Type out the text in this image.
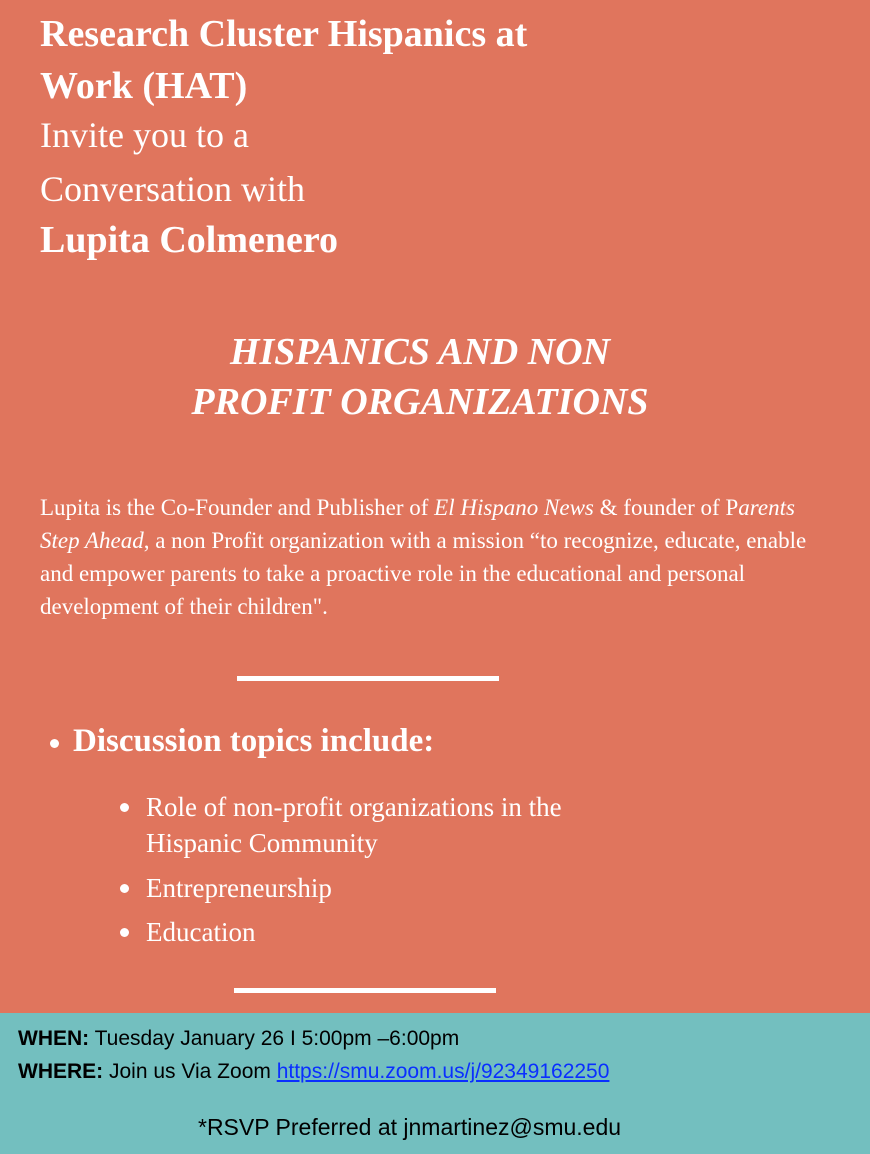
Research Cluster Hispanics at
Work (HAT)
Invite you to a
Conversation with
Lupita Colmenero
HISPANICS AND NON
PROFIT ORGANIZATIONS
Lupita is the Co-Founder and Publisher of El Hispano News & founder of Parents Step Ahead, a non Profit organization with a mission “to recognize, educate, enable and empower parents to take a proactive role in the educational and personal development of their children".
Discussion topics include:
Role of non-profit organizations in the
Hispanic Community
Entrepreneurship
Education
WHEN: Tuesday January 26 I 5:00pm –6:00pm
WHERE: Join us Via Zoom https://smu.zoom.us/j/92349162250
*RSVP Preferred at jnmartinez@smu.edu
